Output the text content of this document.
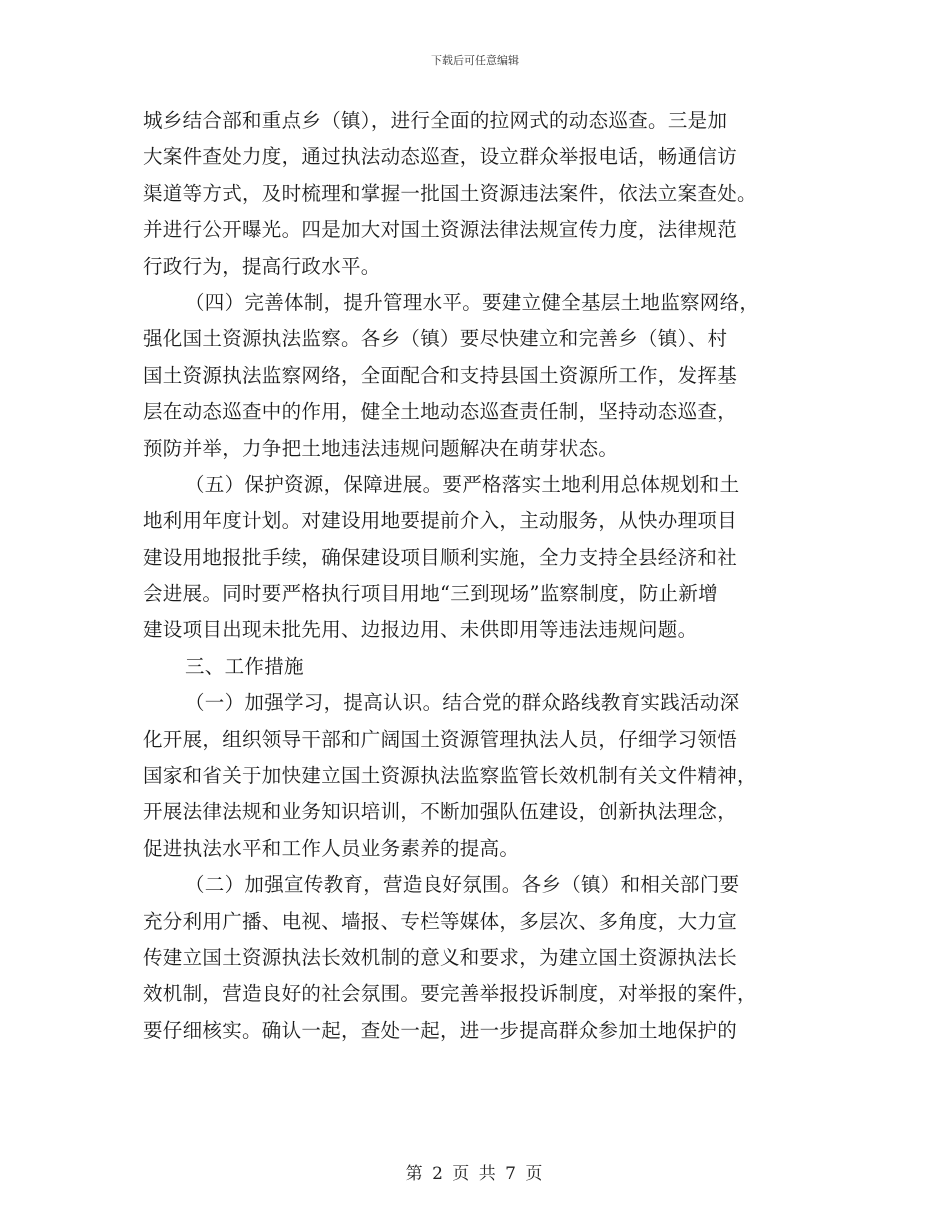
下载后可任意编辑
城乡结合部和重点乡（镇），进行全面的拉网式的动态巡查。三是加
大案件查处力度，通过执法动态巡查，设立群众举报电话，畅通信访
渠道等方式，及时梳理和掌握一批国土资源违法案件，依法立案查处。
并进行公开曝光。四是加大对国土资源法律法规宣传力度，法律规范
行政行为，提高行政水平。
（四）完善体制，提升管理水平。要建立健全基层土地监察网络，
强化国土资源执法监察。各乡（镇）要尽快建立和完善乡（镇）、村
国土资源执法监察网络，全面配合和支持县国土资源所工作，发挥基
层在动态巡查中的作用，健全土地动态巡查责任制，坚持动态巡查，
预防并举，力争把土地违法违规问题解决在萌芽状态。
（五）保护资源，保障进展。要严格落实土地利用总体规划和土
地利用年度计划。对建设用地要提前介入，主动服务，从快办理项目
建设用地报批手续，确保建设项目顺利实施，全力支持全县经济和社
会进展。同时要严格执行项目用地“三到现场”监察制度，防止新增
建设项目出现未批先用、边报边用、未供即用等违法违规问题。
三、工作措施
（一）加强学习，提高认识。结合党的群众路线教育实践活动深
化开展，组织领导干部和广阔国土资源管理执法人员，仔细学习领悟
国家和省关于加快建立国土资源执法监察监管长效机制有关文件精神，
开展法律法规和业务知识培训，不断加强队伍建设，创新执法理念，
促进执法水平和工作人员业务素养的提高。
（二）加强宣传教育，营造良好氛围。各乡（镇）和相关部门要
充分利用广播、电视、墙报、专栏等媒体，多层次、多角度，大力宣
传建立国土资源执法长效机制的意义和要求，为建立国土资源执法长
效机制，营造良好的社会氛围。要完善举报投诉制度，对举报的案件，
要仔细核实。确认一起，查处一起，进一步提高群众参加土地保护的
第 2 页 共 7 页
